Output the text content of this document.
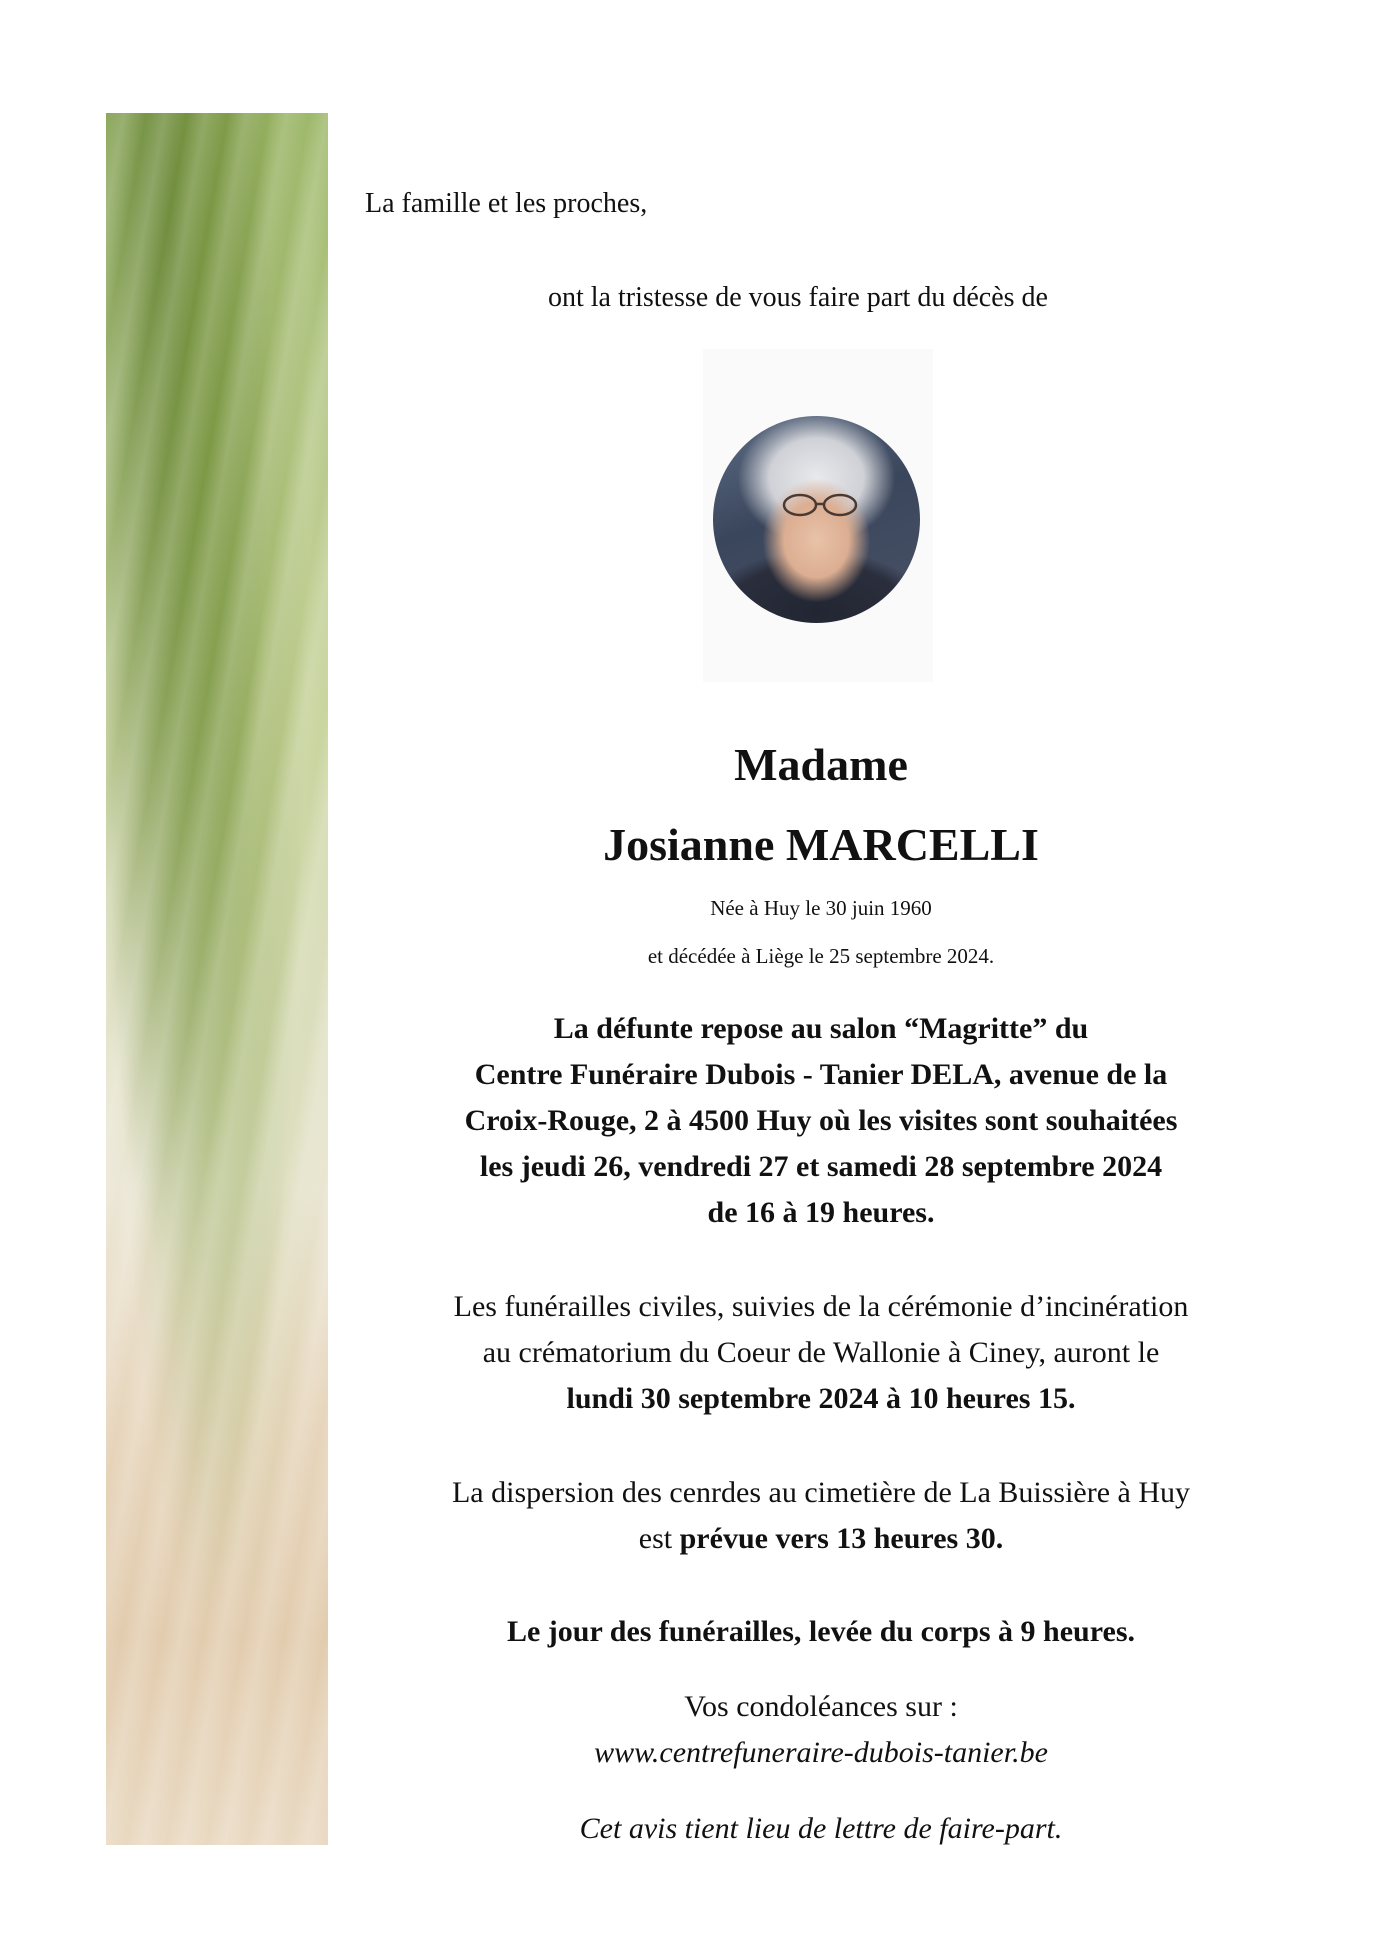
La famille et les proches,
ont la tristesse de vous faire part du décès de
Madame
Josianne MARCELLI
Née à Huy le 30 juin 1960
et décédée à Liège le 25 septembre 2024.
La défunte repose au salon “Magritte” du
Centre Funéraire Dubois - Tanier DELA, avenue de la
Croix-Rouge, 2 à 4500 Huy où les visites sont souhaitées
les jeudi 26, vendredi 27 et samedi 28 septembre 2024
de 16 à 19 heures.
Les funérailles civiles, suivies de la cérémonie d’incinération
au crématorium du Coeur de Wallonie à Ciney, auront le
lundi 30 septembre 2024 à 10 heures 15.
La dispersion des cenrdes au cimetière de La Buissière à Huy
est prévue vers 13 heures 30.
Le jour des funérailles, levée du corps à 9 heures.
Vos condoléances sur :
www.centrefuneraire-dubois-tanier.be
Cet avis tient lieu de lettre de faire-part.
